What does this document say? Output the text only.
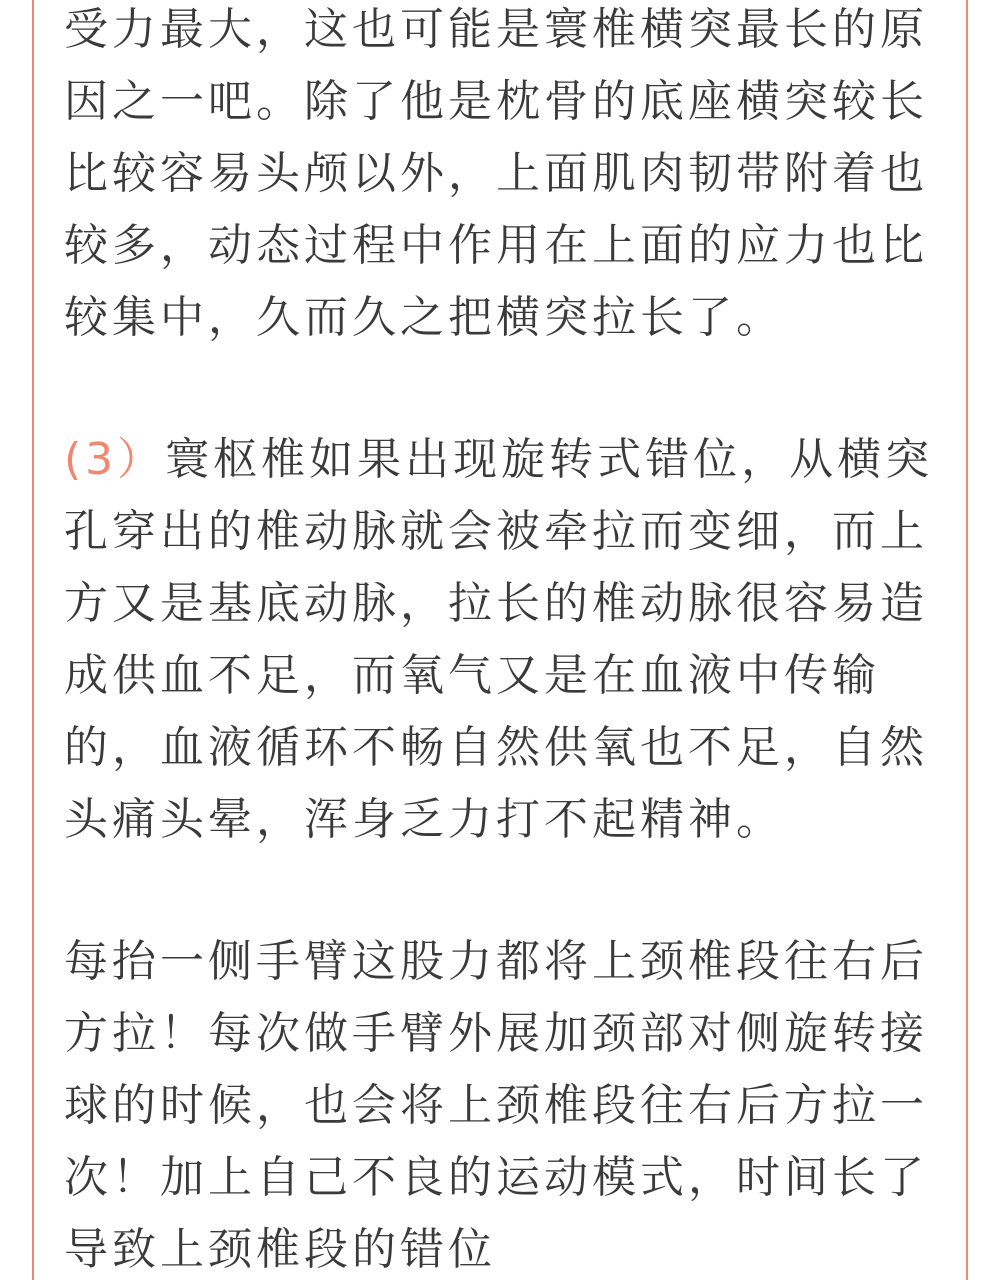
受力最大，这也可能是寰椎横突最长的原
因之一吧。除了他是枕骨的底座横突较长
比较容易头颅以外，上面肌肉韧带附着也
较多，动态过程中作用在上面的应力也比
较集中，久而久之把横突拉长了。
(3）寰枢椎如果出现旋转式错位，从横突
孔穿出的椎动脉就会被牵拉而变细，而上
方又是基底动脉，拉长的椎动脉很容易造
成供血不足，而氧气又是在血液中传输
的，血液循环不畅自然供氧也不足，自然
头痛头晕，浑身乏力打不起精神。
每抬一侧手臂这股力都将上颈椎段往右后
方拉！每次做手臂外展加颈部对侧旋转接
球的时候，也会将上颈椎段往右后方拉一
次！加上自己不良的运动模式，时间长了
导致上颈椎段的错位
